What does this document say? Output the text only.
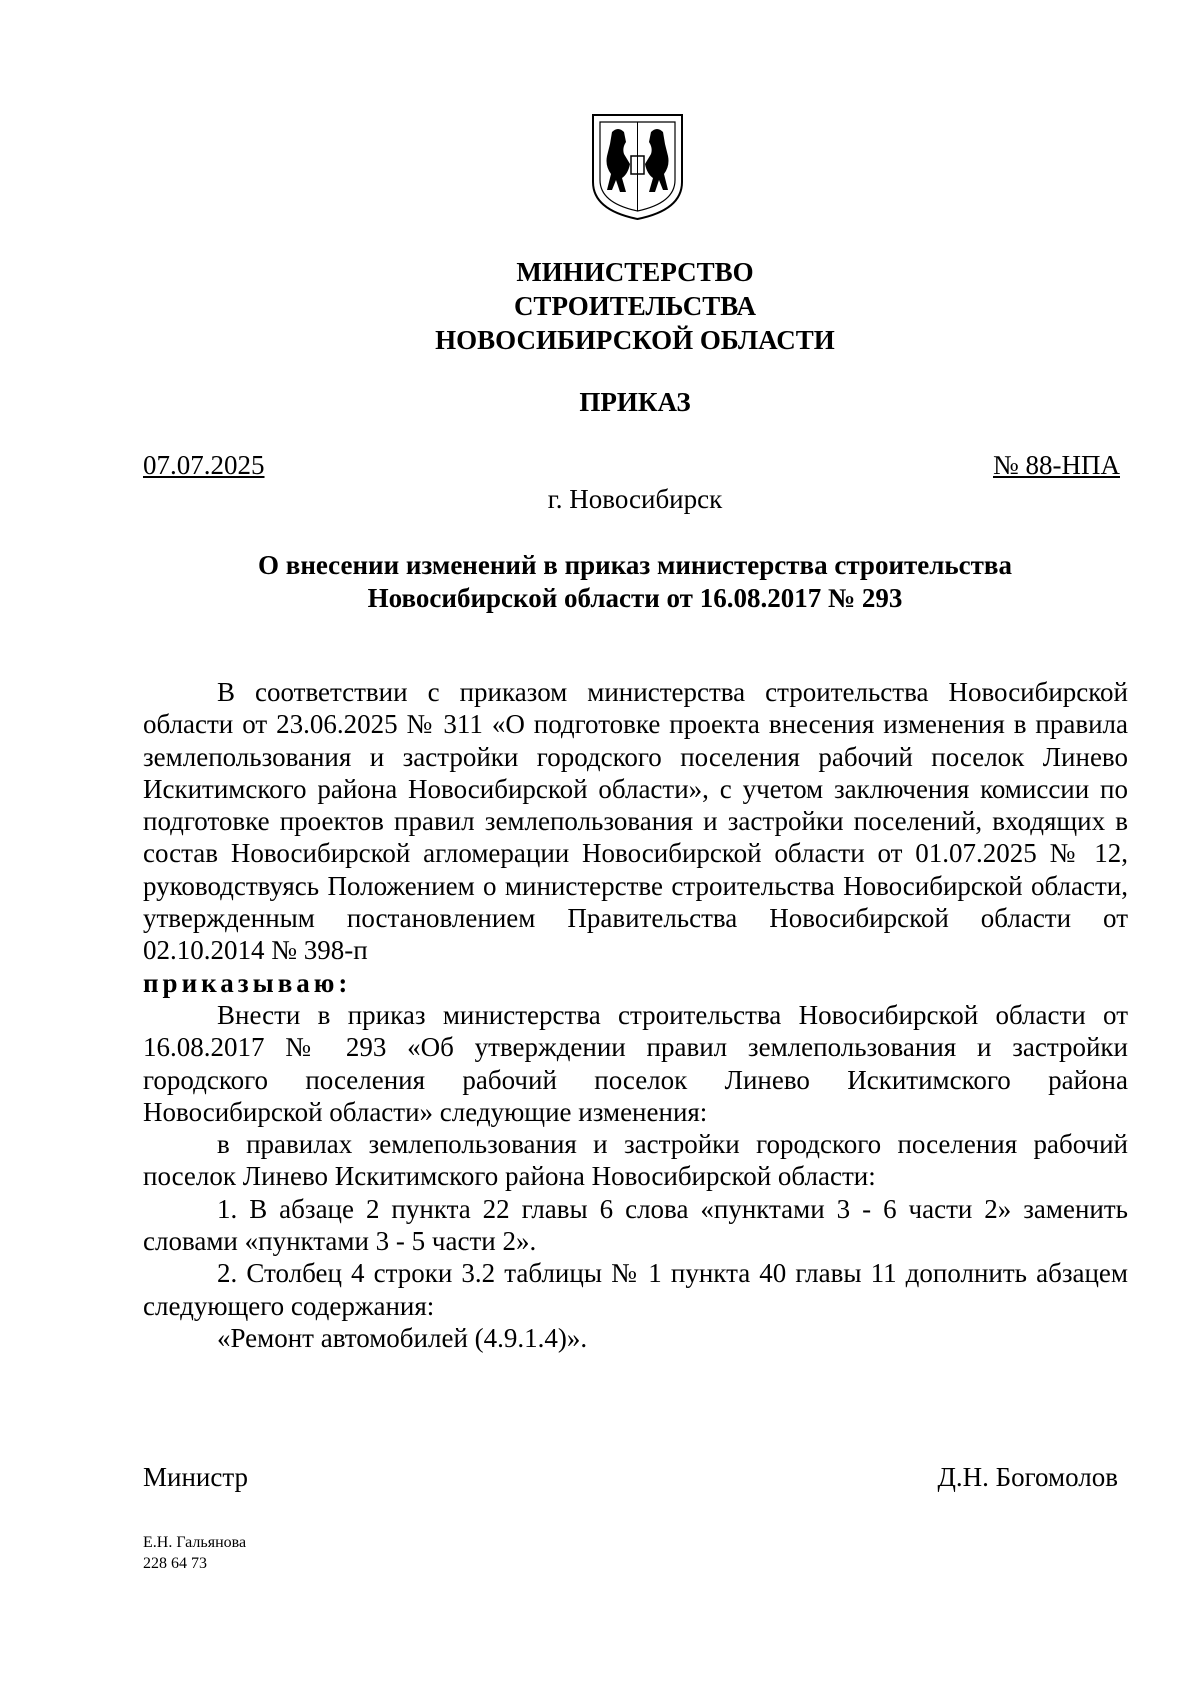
МИНИСТЕРСТВО
СТРОИТЕЛЬСТВА
НОВОСИБИРСКОЙ ОБЛАСТИ
ПРИКАЗ
07.07.2025	№ 88-НПА
г. Новосибирск
О внесении изменений в приказ министерства строительства
Новосибирской области от 16.08.2017 № 293

В соответствии с приказом министерства строительства Новосибирской области от 23.06.2025 № 311 «О подготовке проекта внесения изменения в правила землепользования и застройки городского поселения рабочий поселок Линево Искитимского района Новосибирской области», с учетом заключения комиссии по подготовке проектов правил землепользования и застройки поселений, входящих в состав Новосибирской агломерации Новосибирской области от 01.07.2025 № 12, руководствуясь Положением о министерстве строительства Новосибирской области, утвержденным постановлением Правительства Новосибирской области от 02.10.2014 № 398-п

приказываю:

Внести в приказ министерства строительства Новосибирской области от 16.08.2017 № 293 «Об утверждении правил землепользования и застройки городского поселения рабочий поселок Линево Искитимского района Новосибирской области» следующие изменения:

в правилах землепользования и застройки городского поселения рабочий поселок Линево Искитимского района Новосибирской области:

1. В абзаце 2 пункта 22 главы 6 слова «пунктами 3 - 6 части 2» заменить словами «пунктами 3 - 5 части 2».

2. Столбец 4 строки 3.2 таблицы № 1 пункта 40 главы 11 дополнить абзацем следующего содержания:

«Ремонт автомобилей (4.9.1.4)».

Министр	Д.Н. Богомолов
Е.Н. Гальянова
228 64 73
